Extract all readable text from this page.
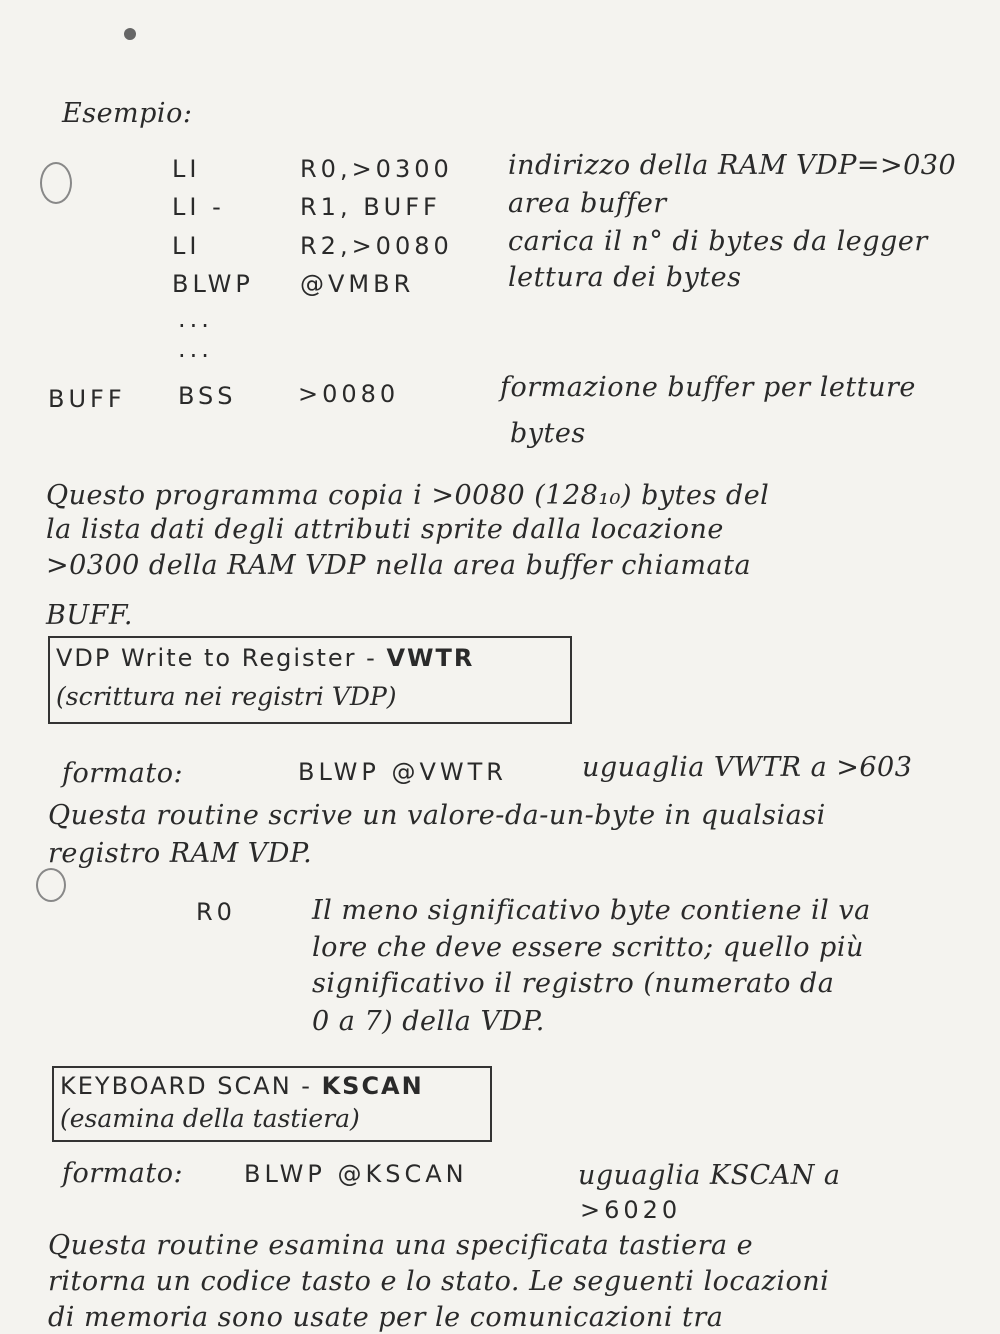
Esempio:
LI	R0,>0300 indirizzo della RAM VDP=>030
LI -	R1, BUFF area buffer
LI	R2,>0080 carica il n° di bytes da legger
BLWP @VMBR	lettura dei bytes
...
...
BUFF BSS	>0080	formazione buffer per letture
bytes
Questo programma copia i >0080 (128₁₀) bytes del
la lista dati degli attributi sprite dalla locazione
>0300 della RAM VDP nella area buffer chiamata
BUFF.
VDP Write to Register - VWTR
(scrittura nei registri VDP)
formato:	BLWP @VWTR	uguaglia VWTR a >603
Questa routine scrive un valore-da-un-byte in qualsiasi
registro RAM VDP.
R0	Il meno significativo byte contiene il va
lore che deve essere scritto; quello più
significativo il registro (numerato da
0 a 7) della VDP.
KEYBOARD SCAN - KSCAN
(esamina della tastiera)
formato:	BLWP @KSCAN	uguaglia KSCAN a
>6020
Questa routine esamina una specificata tastiera e
ritorna un codice tasto e lo stato. Le seguenti locazioni
di memoria sono usate per le comunicazioni tra
